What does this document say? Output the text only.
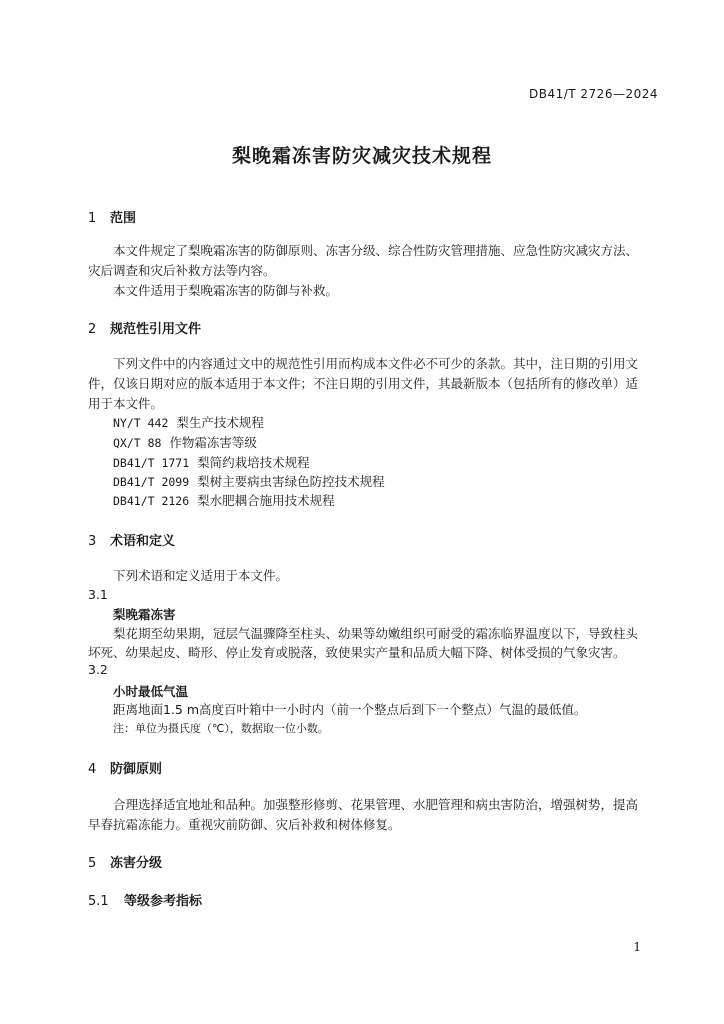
DB41/T 2726—2024
梨晚霜冻害防灾减灾技术规程
1 范围
本文件规定了梨晚霜冻害的防御原则、冻害分级、综合性防灾管理措施、应急性防灾减灾方法、
灾后调查和灾后补救方法等内容。
本文件适用于梨晚霜冻害的防御与补救。
2 规范性引用文件
下列文件中的内容通过文中的规范性引用而构成本文件必不可少的条款。其中，注日期的引用文
件，仅该日期对应的版本适用于本文件；不注日期的引用文件，其最新版本（包括所有的修改单）适
用于本文件。
NY/T 442 梨生产技术规程
QX/T 88 作物霜冻害等级
DB41/T 1771 梨简约栽培技术规程
DB41/T 2099 梨树主要病虫害绿色防控技术规程
DB41/T 2126 梨水肥耦合施用技术规程
3 术语和定义
下列术语和定义适用于本文件。
3.1
梨晚霜冻害
梨花期至幼果期，冠层气温骤降至柱头、幼果等幼嫩组织可耐受的霜冻临界温度以下，导致柱头
坏死、幼果起皮、畸形、停止发育或脱落，致使果实产量和品质大幅下降、树体受损的气象灾害。
3.2
小时最低气温
距离地面1.5 m高度百叶箱中一小时内（前一个整点后到下一个整点）气温的最低值。
注：单位为摄氏度（℃），数据取一位小数。
4 防御原则
合理选择适宜地址和品种。加强整形修剪、花果管理、水肥管理和病虫害防治，增强树势，提高
早春抗霜冻能力。重视灾前防御、灾后补救和树体修复。
5 冻害分级
5.1 等级参考指标
1
